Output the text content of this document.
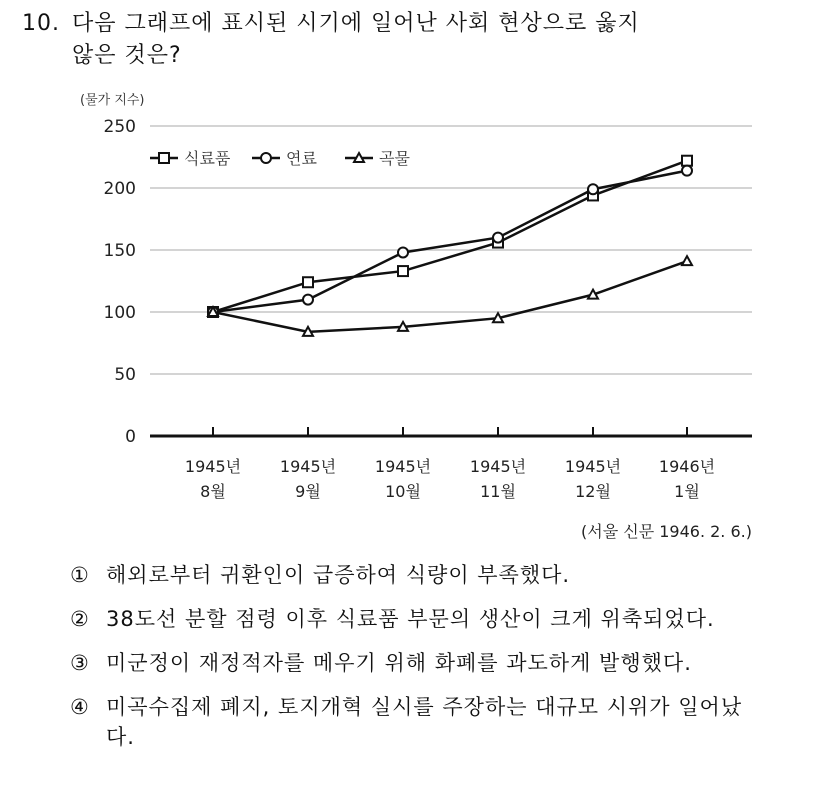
10. 다음 그래프에 표시된 시기에 일어난 사회 현상으로 옳지
않은 것은?
0
50
100
150
200
250
(물가 지수)
1945년
8월
1945년
9월
1945년
10월
1945년
11월
1945년
12월
1946년
1월
식료품	연료	곡물
(서울 신문 1946. 2. 6.)
① 해외로부터 귀환인이 급증하여 식량이 부족했다.
② 38도선 분할 점령 이후 식료품 부문의 생산이 크게 위축되었다.
③ 미군정이 재정적자를 메우기 위해 화폐를 과도하게 발행했다.
④ 미곡수집제 폐지, 토지개혁 실시를 주장하는 대규모 시위가 일어났다.
